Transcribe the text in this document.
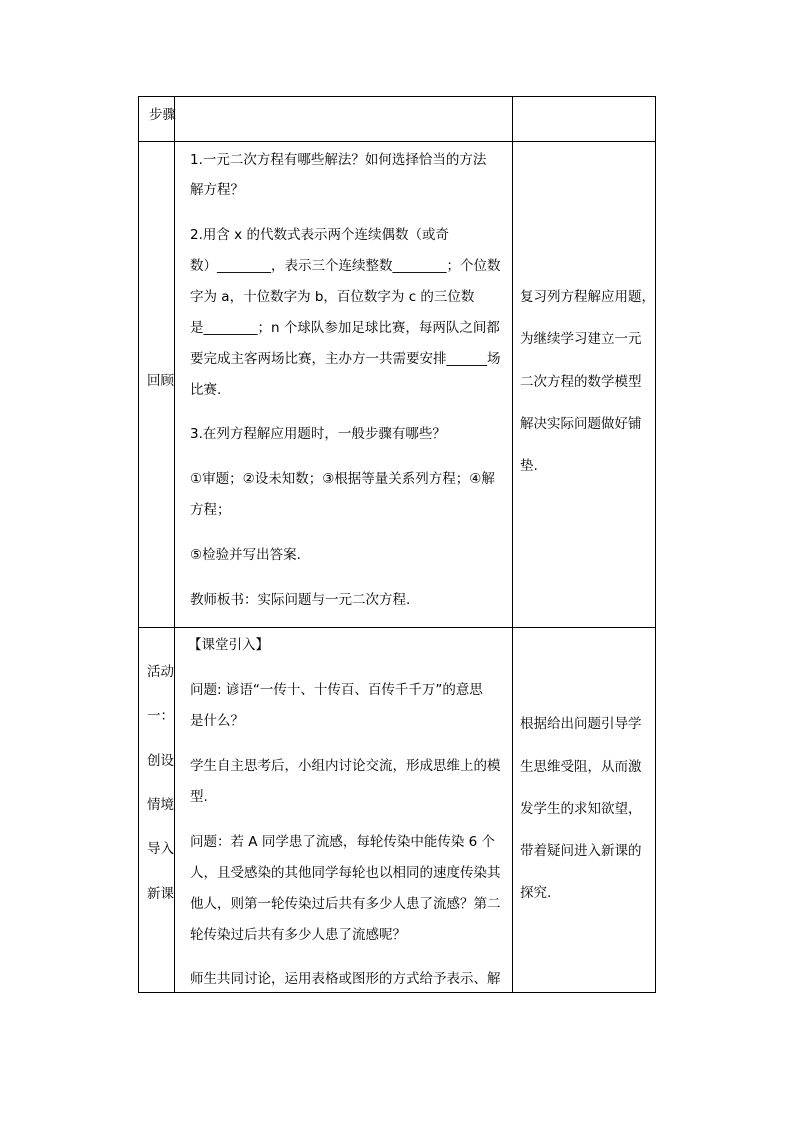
步骤
回顾
1.一元二次方程有哪些解法？如何选择恰当的方法
解方程？
2.用含 x 的代数式表示两个连续偶数（或奇
数）________，表示三个连续整数________；个位数
字为 a，十位数字为 b，百位数字为 c 的三位数
是________；n 个球队参加足球比赛，每两队之间都
要完成主客两场比赛，主办方一共需要安排______场
比赛.
3.在列方程解应用题时，一般步骤有哪些？
①审题；②设未知数；③根据等量关系列方程；④解
方程；
⑤检验并写出答案.
教师板书：实际问题与一元二次方程.
复习列方程解应用题，
为继续学习建立一元
二次方程的数学模型
解决实际问题做好铺
垫.
活动
一：
创设
情境
导入
新课
【课堂引入】
问题: 谚语“一传十、十传百、百传千千万”的意思
是什么？
学生自主思考后，小组内讨论交流，形成思维上的模
型.
问题：若 A 同学患了流感，每轮传染中能传染 6 个
人，且受感染的其他同学每轮也以相同的速度传染其
他人，则第一轮传染过后共有多少人患了流感？第二
轮传染过后共有多少人患了流感呢？
师生共同讨论，运用表格或图形的方式给予表示、解
根据给出问题引导学
生思维受阻，从而激
发学生的求知欲望，
带着疑问进入新课的
探究.
